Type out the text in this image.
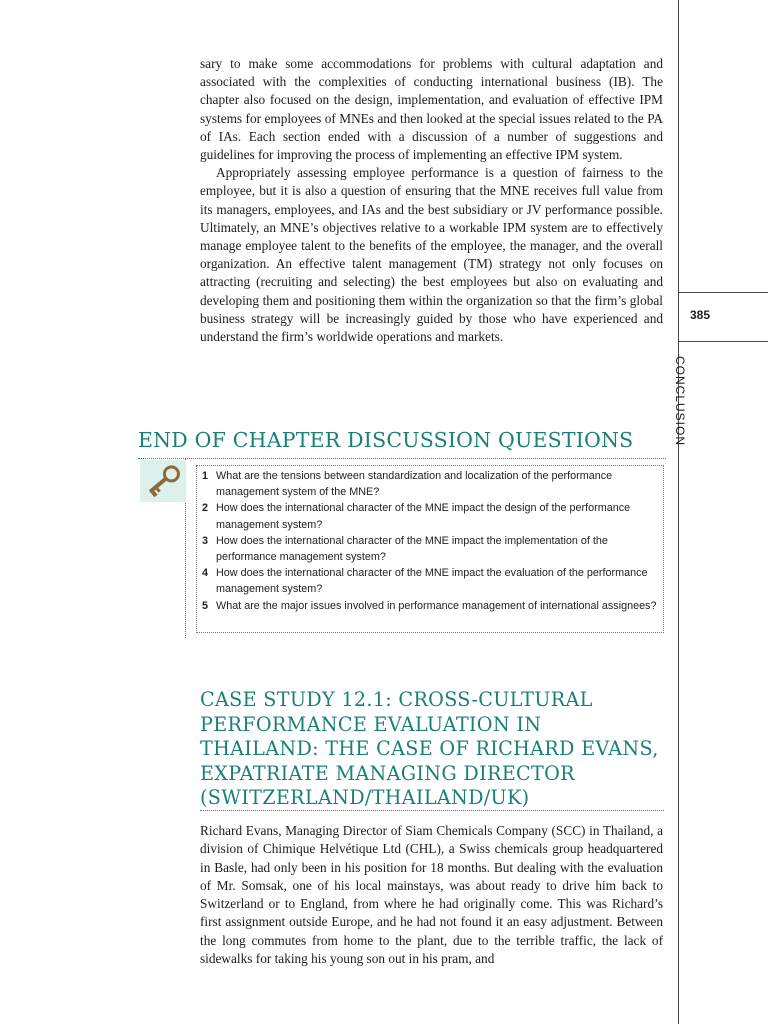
385
CONCLUSION

sary to make some accommodations for problems with cultural adaptation and associated with the complexities of conducting international business (IB). The chapter also focused on the design, implementation, and evaluation of effective IPM systems for employees of MNEs and then looked at the special issues related to the PA of IAs. Each section ended with a discussion of a number of suggestions and guidelines for improving the process of implementing an effective IPM system.

Appropriately assessing employee performance is a question of fairness to the employee, but it is also a question of ensuring that the MNE receives full value from its managers, employees, and IAs and the best subsidiary or JV performance possible. Ultimately, an MNE’s objectives relative to a workable IPM system are to effectively manage employee talent to the benefits of the employee, the manager, and the overall organization. An effective talent management (TM) strategy not only focuses on attracting (recruiting and selecting) the best employees but also on evaluating and developing them and positioning them within the organization so that the firm’s global business strategy will be increasingly guided by those who have experienced and understand the firm’s worldwide operations and markets.

END OF CHAPTER DISCUSSION QUESTIONS
1 What are the tensions between standardization and localization of the performance management system of the MNE?
2 How does the international character of the MNE impact the design of the performance management system?
3 How does the international character of the MNE impact the implementation of the performance management system?
4 How does the international character of the MNE impact the evaluation of the performance management system?
5 What are the major issues involved in performance management of international assignees?
CASE STUDY 12.1: CROSS-CULTURAL
PERFORMANCE EVALUATION IN
THAILAND: THE CASE OF RICHARD EVANS,
EXPATRIATE MANAGING DIRECTOR
(SWITZERLAND/THAILAND/UK)

Richard Evans, Managing Director of Siam Chemicals Company (SCC) in Thailand, a division of Chimique Helvétique Ltd (CHL), a Swiss chemicals group headquartered in Basle, had only been in his position for 18 months. But dealing with the evaluation of Mr. Somsak, one of his local mainstays, was about ready to drive him back to Switzerland or to England, from where he had originally come. This was Richard’s first assignment outside Europe, and he had not found it an easy adjustment. Between the long commutes from home to the plant, due to the terrible traffic, the lack of sidewalks for taking his young son out in his pram, and
